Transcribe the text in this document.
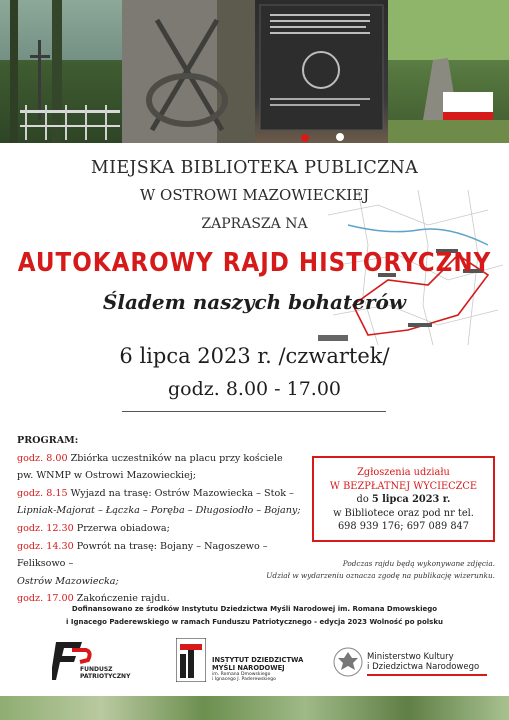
MIEJSKA BIBLIOTEKA PUBLICZNA
W OSTROWI MAZOWIECKIEJ
ZAPRASZA NA
AUTOKAROWY RAJD HISTORYCZNY
Śladem naszych bohaterów
6 lipca 2023 r. /czwartek/
godz. 8.00 - 17.00
PROGRAM:
godz. 8.00 Zbiórka uczestników na placu przy kościele
pw. WNMP w Ostrowi Mazowieckiej;
godz. 8.15 Wyjazd na trasę: Ostrów Mazowiecka – Stok –
Lipniak-Majorat – Łączka – Poręba – Długosiodło – Bojany;
godz. 12.30 Przerwa obiadowa;
godz. 14.30 Powrót na trasę: Bojany – Nagoszewo – Feliksowo –
Ostrów Mazowiecka;
godz. 17.00 Zakończenie rajdu.
Zgłoszenia udziału
W BEZPŁATNEJ WYCIECZCE
do 5 lipca 2023 r.
w Bibliotece oraz pod nr tel.
698 939 176; 697 089 847
Podczas rajdu będą wykonywane zdjęcia.
Udział w wydarzeniu oznacza zgodę na publikację wizerunku.
Dofinansowano ze środków Instytutu Dziedzictwa Myśli Narodowej im. Romana Dmowskiego
i Ignacego Paderewskiego w ramach Funduszu Patriotycznego - edycja 2023 Wolność po polsku
FUNDUSZ
PATRIOTYCZNY
INSTYTUT DZIEDZICTWA
MYŚLI NARODOWEJ
im. Romana Dmowskiego
i Ignacego J. Paderewskiego
Ministerstwo Kultury
i Dziedzictwa Narodowego
